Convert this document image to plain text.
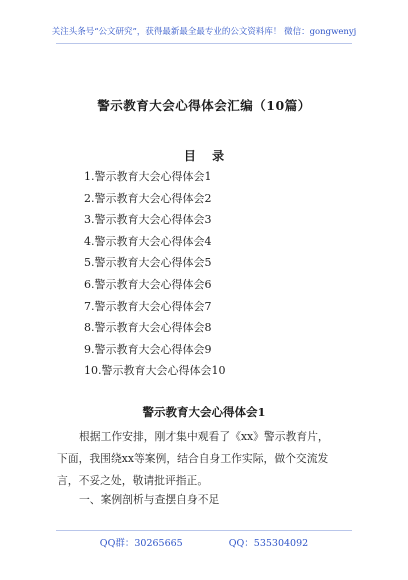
关注头条号“公文研究”，获得最新最全最专业的公文资料库！ 微信：gongwenyj
警示教育大会心得体会汇编（10篇）
目 录
1.警示教育大会心得体会1
2.警示教育大会心得体会2
3.警示教育大会心得体会3
4.警示教育大会心得体会4
5.警示教育大会心得体会5
6.警示教育大会心得体会6
7.警示教育大会心得体会7
8.警示教育大会心得体会8
9.警示教育大会心得体会9
10.警示教育大会心得体会10
警示教育大会心得体会1

根据工作安排，刚才集中观看了《xx》警示教育片，
下面，我围绕xx等案例，结合自身工作实际，做个交流发
言，不妥之处，敬请批评指正。

一、案例剖析与查摆自身不足

QQ群：30265665	QQ：535304092
